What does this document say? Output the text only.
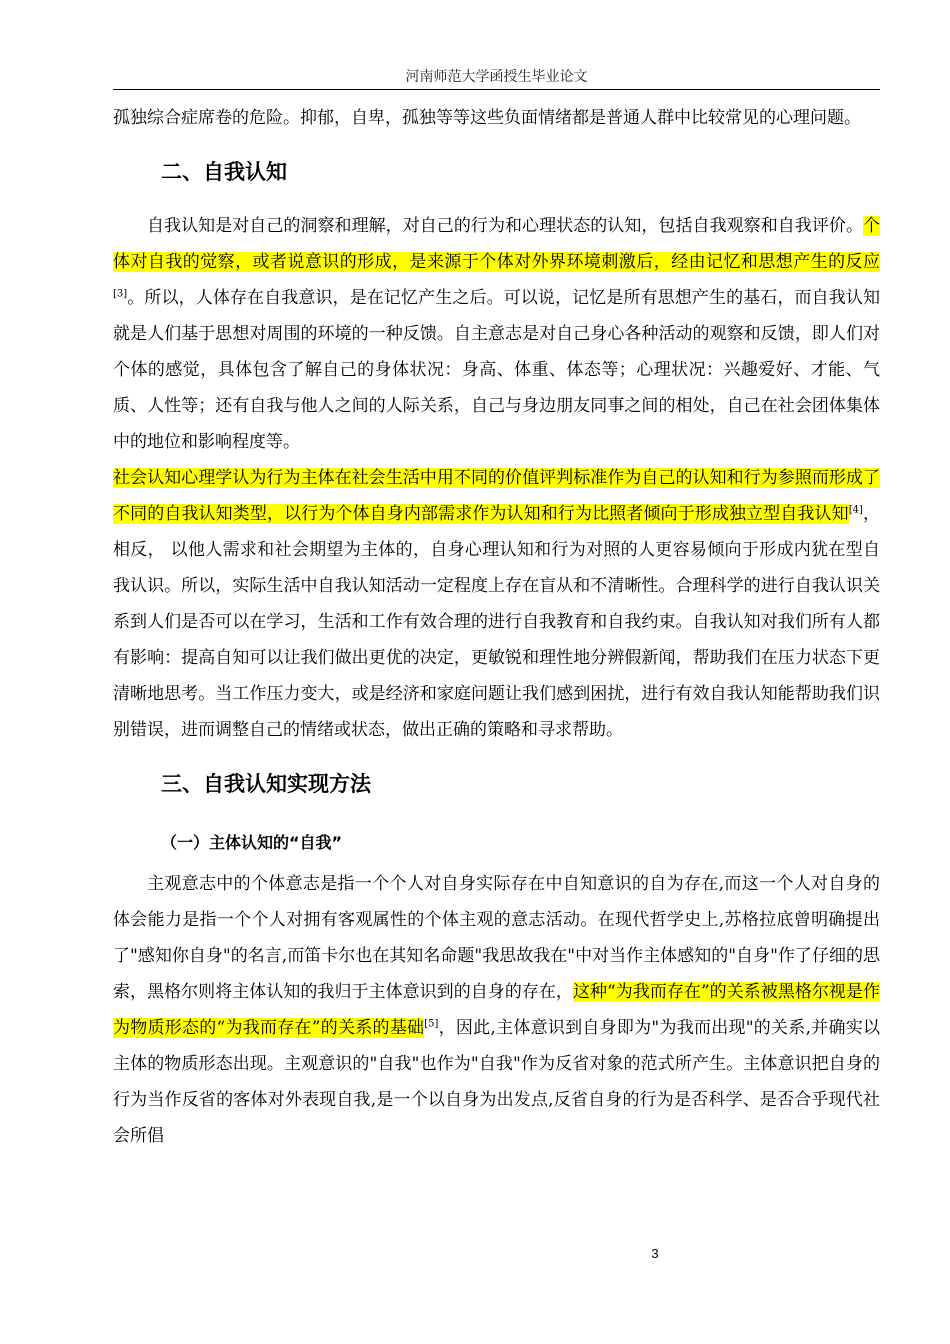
河南师范大学函授生毕业论文

孤独综合症席卷的危险。抑郁，自卑，孤独等等这些负面情绪都是普通人群中比较常见的心理问题。

二、自我认知

自我认知是对自己的洞察和理解，对自己的行为和心理状态的认知，包括自我观察和自我评价。个体对自我的觉察，或者说意识的形成，是来源于个体对外界环境刺激后，经由记忆和思想产生的反应[3]。所以，人体存在自我意识，是在记忆产生之后。可以说，记忆是所有思想产生的基石，而自我认知就是人们基于思想对周围的环境的一种反馈。自主意志是对自己身心各种活动的观察和反馈，即人们对个体的感觉，具体包含了解自己的身体状况：身高、体重、体态等；心理状况：兴趣爱好、才能、气质、人性等；还有自我与他人之间的人际关系，自己与身边朋友同事之间的相处，自己在社会团体集体中的地位和影响程度等。

社会认知心理学认为行为主体在社会生活中用不同的价值评判标准作为自己的认知和行为参照而形成了不同的自我认知类型，以行为个体自身内部需求作为认知和行为比照者倾向于形成独立型自我认知[4]，相反， 以他人需求和社会期望为主体的，自身心理认知和行为对照的人更容易倾向于形成内犹在型自我认识。所以，实际生活中自我认知活动一定程度上存在盲从和不清晰性。合理科学的进行自我认识关系到人们是否可以在学习，生活和工作有效合理的进行自我教育和自我约束。自我认知对我们所有人都有影响：提高自知可以让我们做出更优的决定，更敏锐和理性地分辨假新闻，帮助我们在压力状态下更清晰地思考。当工作压力变大，或是经济和家庭问题让我们感到困扰，进行有效自我认知能帮助我们识别错误，进而调整自己的情绪或状态，做出正确的策略和寻求帮助。

三、自我认知实现方法
（一）主体认知的“自我”

主观意志中的个体意志是指一个个人对自身实际存在中自知意识的自为存在,而这一个人对自身的体会能力是指一个个人对拥有客观属性的个体主观的意志活动。在现代哲学史上,苏格拉底曾明确提出了"感知你自身"的名言,而笛卡尔也在其知名命题"我思故我在"中对当作主体感知的"自身"作了仔细的思索，黑格尔则将主体认知的我归于主体意识到的自身的存在，这种“为我而存在”的关系被黑格尔视是作为物质形态的“为我而存在”的关系的基础[5]，因此,主体意识到自身即为"为我而出现"的关系,并确实以主体的物质形态出现。主观意识的"自我"也作为"自我"作为反省对象的范式所产生。主体意识把自身的行为当作反省的客体对外表现自我,是一个以自身为出发点,反省自身的行为是否科学、是否合乎现代社会所倡

3
